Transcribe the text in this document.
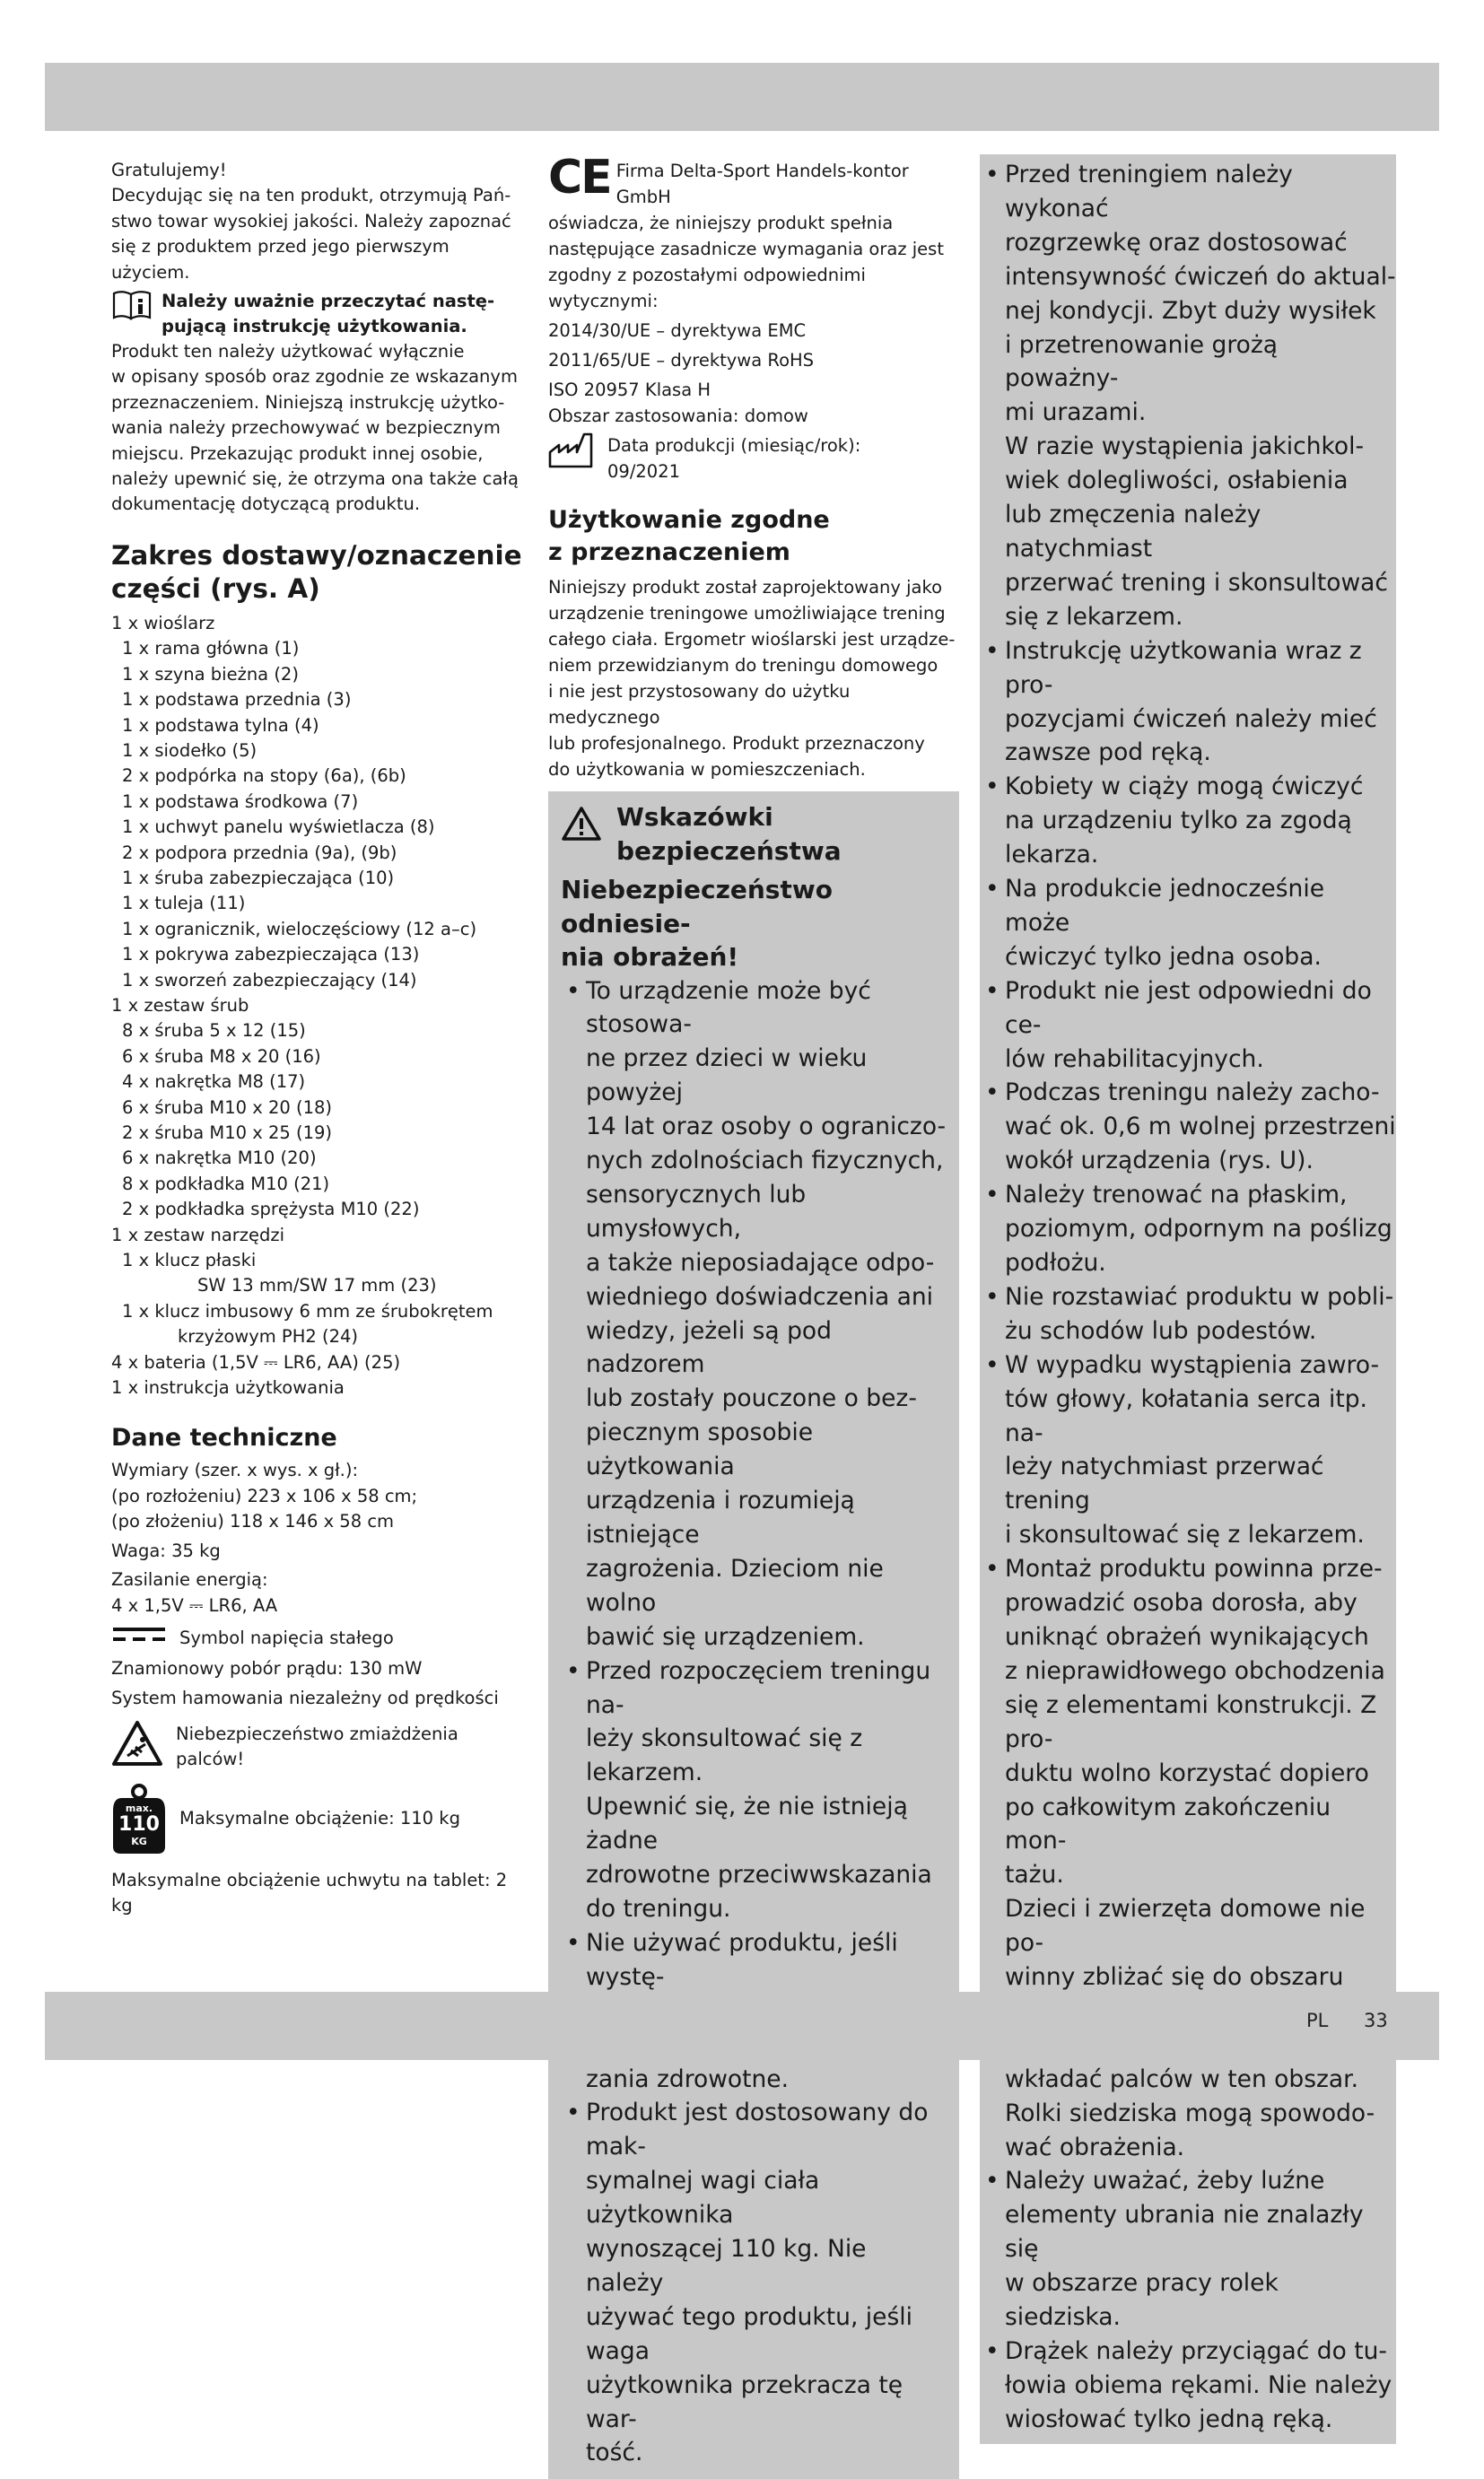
Gratulujemy!

Decydując się na ten produkt, otrzymują Pań-

stwo towar wysokiej jakości. Należy zapoznać

się z produktem przed jego pierwszym użyciem.

Należy uważnie przeczytać nastę-
pującą instrukcję użytkowania.

Produkt ten należy użytkować wyłącznie

w opisany sposób oraz zgodnie ze wskazanym

przeznaczeniem. Niniejszą instrukcję użytko-

wania należy przechowywać w bezpiecznym

miejscu. Przekazując produkt innej osobie,

należy upewnić się, że otrzyma ona także całą

dokumentację dotyczącą produktu.

Zakres dostawy/oznaczenie
części (rys. A)

1 x wioślarz

1 x rama główna (1)

1 x szyna bieżna (2)

1 x podstawa przednia (3)

1 x podstawa tylna (4)

1 x siodełko (5)

2 x podpórka na stopy (6a), (6b)

1 x podstawa środkowa (7)

1 x uchwyt panelu wyświetlacza (8)

2 x podpora przednia (9a), (9b)

1 x śruba zabezpieczająca (10)

1 x tuleja (11)

1 x ogranicznik, wieloczęściowy (12 a–c)

1 x pokrywa zabezpieczająca (13)

1 x sworzeń zabezpieczający (14)

1 x zestaw śrub

8 x śruba 5 x 12 (15)

6 x śruba M8 x 20 (16)

4 x nakrętka M8 (17)

6 x śruba M10 x 20 (18)

2 x śruba M10 x 25 (19)

6 x nakrętka M10 (20)

8 x podkładka M10 (21)

2 x podkładka sprężysta M10 (22)

1 x zestaw narzędzi

1 x klucz płaski

SW 13 mm/SW 17 mm (23)

1 x klucz imbusowy 6 mm ze śrubokrętem

krzyżowym PH2 (24)

4 x bateria (1,5V ⎓ LR6, AA) (25)

1 x instrukcja użytkowania

Dane techniczne

Wymiary (szer. x wys. x gł.):

(po rozłożeniu) 223 x 106 x 58 cm;

(po złożeniu) 118 x 146 x 58 cm

Waga: 35 kg

Zasilanie energią:

4 x 1,5V ⎓ LR6, AA

Symbol napięcia stałego

Znamionowy pobór prądu: 130 mW

System hamowania niezależny od prędkości

Niebezpieczeństwo zmiażdżenia palców!
max.
110
KG
Maksymalne obciążenie: 110 kg

Maksymalne obciążenie uchwytu na tablet: 2 kg

CE Firma Delta-Sport Handels-kontor GmbH

oświadcza, że niniejszy produkt spełnia

następujące zasadnicze wymagania oraz jest

zgodny z pozostałymi odpowiednimi wytycznymi:

2014/30/UE – dyrektywa EMC

2011/65/UE – dyrektywa RoHS

ISO 20957 Klasa H

Obszar zastosowania: domow

Data produkcji (miesiąc/rok):

09/2021

Użytkowanie zgodne
z przeznaczeniem

Niniejszy produkt został zaprojektowany jako

urządzenie treningowe umożliwiające trening

całego ciała. Ergometr wioślarski jest urządze-

niem przewidzianym do treningu domowego

i nie jest przystosowany do użytku medycznego

lub profesjonalnego. Produkt przeznaczony

do użytkowania w pomieszczeniach.

Wskazówki
bezpieczeństwa
Niebezpieczeństwo odniesie-
nia obrażeń!
• To urządzenie może być stosowa-
ne przez dzieci w wieku powyżej
14 lat oraz osoby o ograniczo-
nych zdolnościach fizycznych,
sensorycznych lub umysłowych,
a także nieposiadające odpo-
wiedniego doświadczenia ani
wiedzy, jeżeli są pod nadzorem
lub zostały pouczone o bez-
piecznym sposobie użytkowania
urządzenia i rozumieją istniejące
zagrożenia. Dzieciom nie wolno
bawić się urządzeniem.
• Przed rozpoczęciem treningu na-
leży skonsultować się z lekarzem.
Upewnić się, że nie istnieją żadne
zdrowotne przeciwwskazania
do treningu.
• Nie używać produktu, jeśli wystę-
zania zdrowotne.
• Produkt jest dostosowany do mak-
symalnej wagi ciała użytkownika
wynoszącej 110 kg. Nie należy
używać tego produktu, jeśli waga
użytkownika przekracza tę war-
tość.
• Przed treningiem należy wykonać
rozgrzewkę oraz dostosować
intensywność ćwiczeń do aktual-
nej kondycji. Zbyt duży wysiłek
i przetrenowanie grożą poważny-
mi urazami.
W razie wystąpienia jakichkol-
wiek dolegliwości, osłabienia
lub zmęczenia należy natychmiast
przerwać trening i skonsultować
się z lekarzem.
• Instrukcję użytkowania wraz z pro-
pozycjami ćwiczeń należy mieć
zawsze pod ręką.
• Kobiety w ciąży mogą ćwiczyć
na urządzeniu tylko za zgodą
lekarza.
• Na produkcie jednocześnie może
ćwiczyć tylko jedna osoba.
• Produkt nie jest odpowiedni do ce-
lów rehabilitacyjnych.
• Podczas treningu należy zacho-
wać ok. 0,6 m wolnej przestrzeni
wokół urządzenia (rys. U).
• Należy trenować na płaskim,
poziomym, odpornym na poślizg
podłożu.
• Nie rozstawiać produktu w pobli-
żu schodów lub podestów.
• W wypadku wystąpienia zawro-
tów głowy, kołatania serca itp. na-
leży natychmiast przerwać trening
i skonsultować się z lekarzem.
• Montaż produktu powinna prze-
prowadzić osoba dorosła, aby
uniknąć obrażeń wynikających
z nieprawidłowego obchodzenia
się z elementami konstrukcji. Z pro-
duktu wolno korzystać dopiero
po całkowitym zakończeniu mon-
tażu.
Dzieci i zwierzęta domowe nie po-
winny zbliżać się do obszaru
wkładać palców w ten obszar.
Rolki siedziska mogą spowodo-
wać obrażenia.
• Należy uważać, żeby luźne
elementy ubrania nie znalazły się
w obszarze pracy rolek siedziska.
• Drążek należy przyciągać do tu-
łowia obiema rękami. Nie należy
wiosłować tylko jedną ręką.
PL 33
